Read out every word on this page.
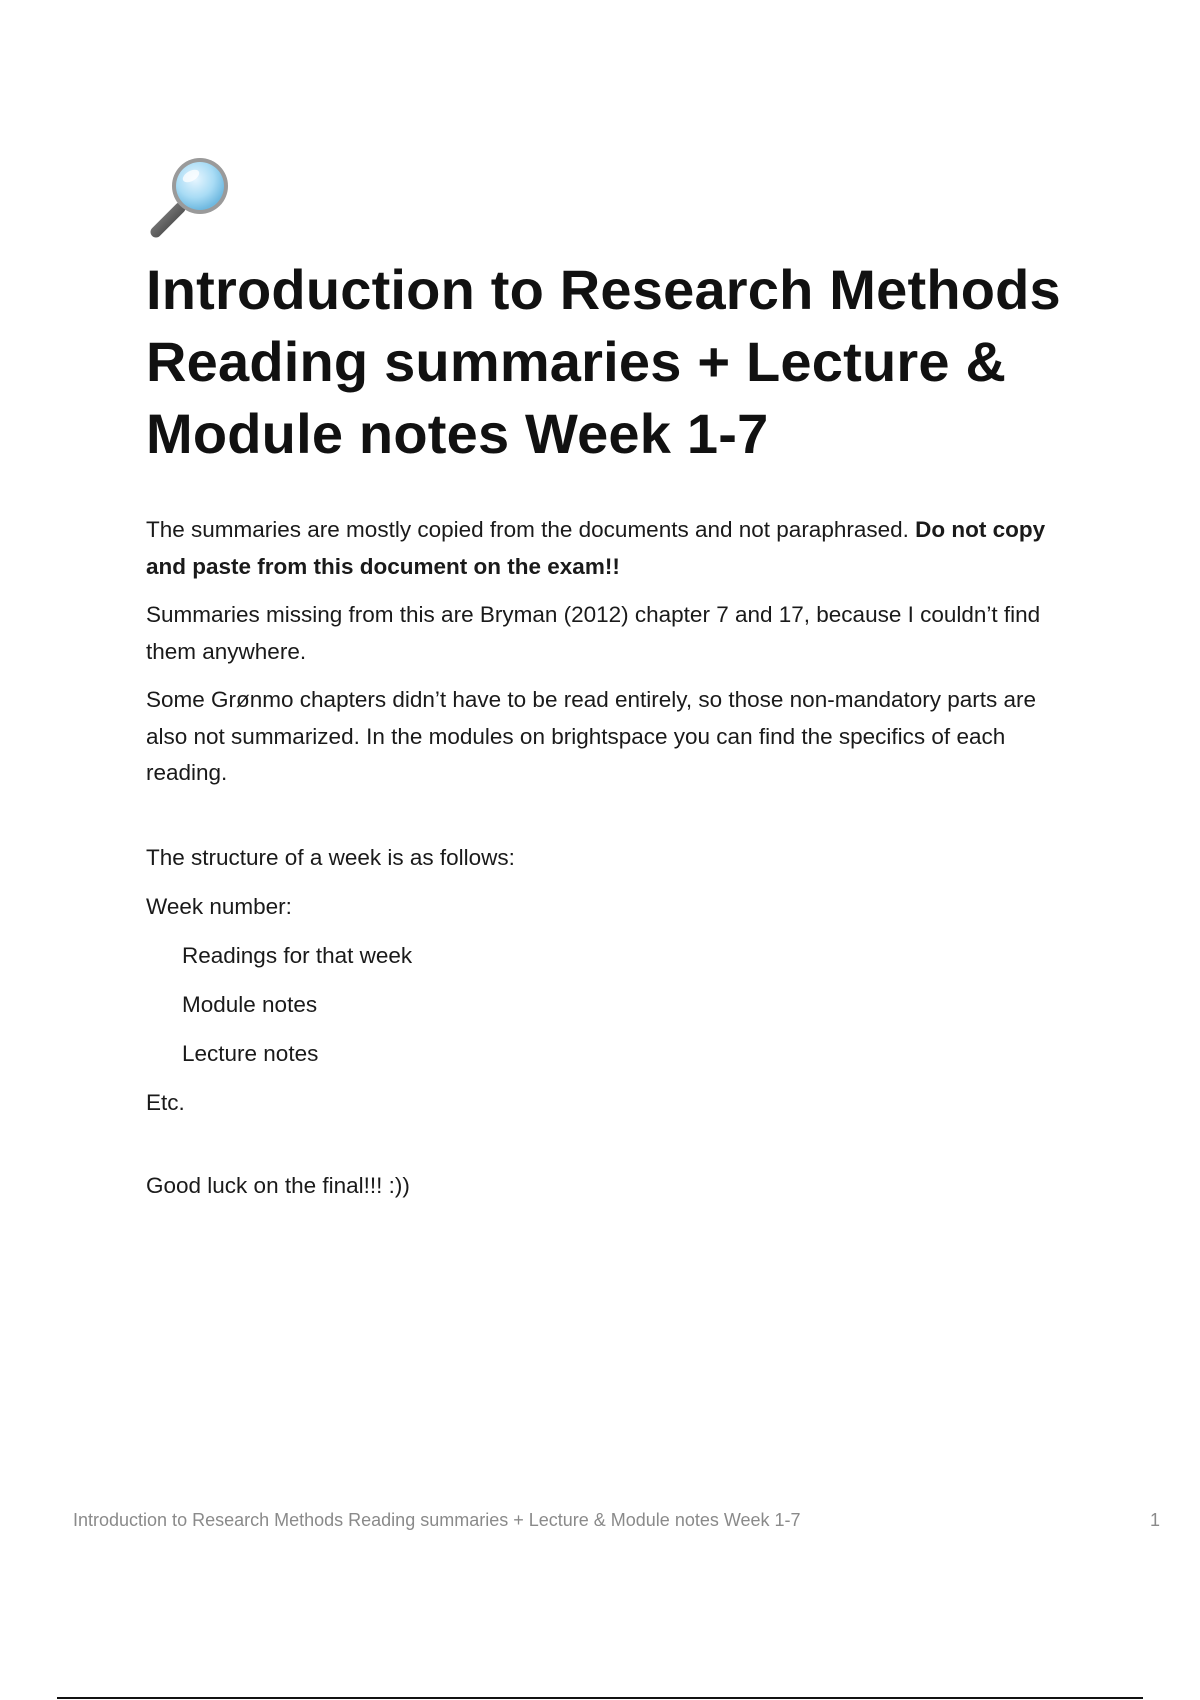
Introduction to Research Methods Reading summaries + Lecture & Module notes Week 1-7

The summaries are mostly copied from the documents and not paraphrased. Do not copy and paste from this document on the exam!!

Summaries missing from this are Bryman (2012) chapter 7 and 17, because I couldn’t find them anywhere.

Some Grønmo chapters didn’t have to be read entirely, so those non-mandatory parts are also not summarized. In the modules on brightspace you can find the specifics of each reading.

The structure of a week is as follows:

Week number:

Readings for that week

Module notes

Lecture notes

Etc.

Good luck on the final!!! :))

Introduction to Research Methods Reading summaries + Lecture & Module notes Week 1-7	1
